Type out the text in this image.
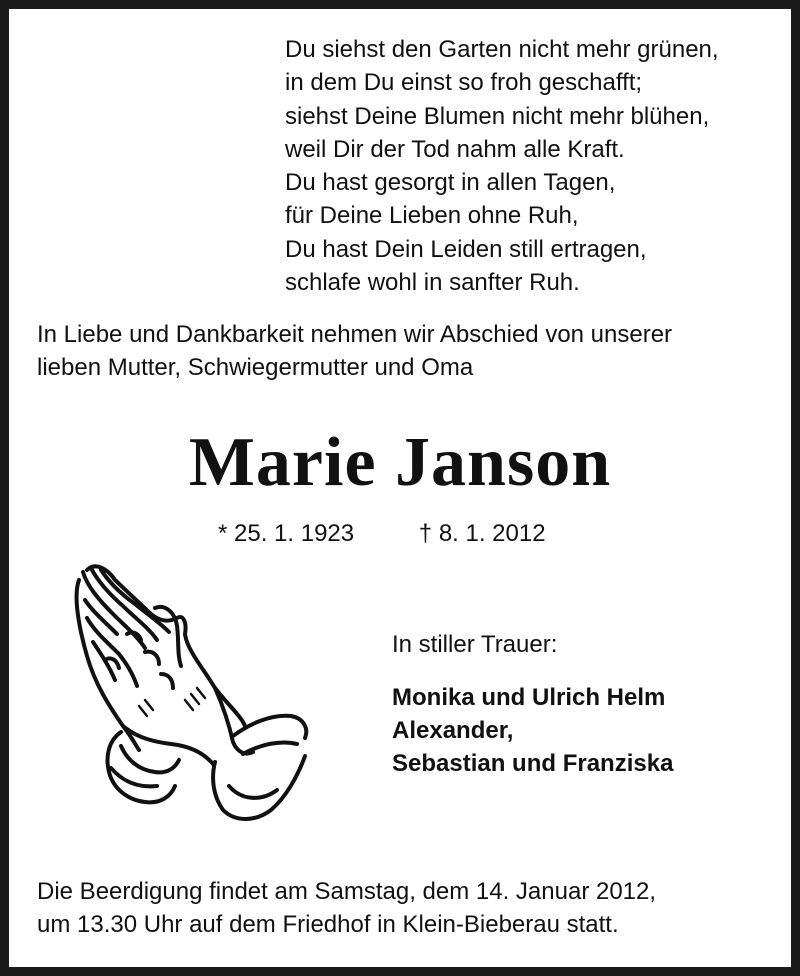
Du siehst den Garten nicht mehr grünen,
in dem Du einst so froh geschafft;
siehst Deine Blumen nicht mehr blühen,
weil Dir der Tod nahm alle Kraft.
Du hast gesorgt in allen Tagen,
für Deine Lieben ohne Ruh,
Du hast Dein Leiden still ertragen,
schlafe wohl in sanfter Ruh.
In Liebe und Dankbarkeit nehmen wir Abschied von unserer
lieben Mutter, Schwiegermutter und Oma
Marie Janson
* 25. 1. 1923	† 8. 1. 2012
In stiller Trauer:
Monika und Ulrich Helm
Alexander,
Sebastian und Franziska
Die Beerdigung findet am Samstag, dem 14. Januar 2012,
um 13.30 Uhr auf dem Friedhof in Klein-Bieberau statt.
